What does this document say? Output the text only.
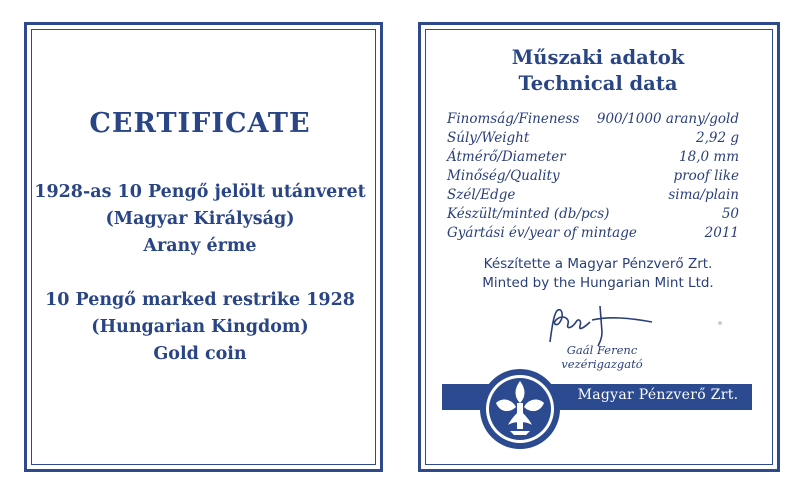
CERTIFICATE
1928-as 10 Pengő jelölt utánveret
(Magyar Királyság)
Arany érme
10 Pengő marked restrike 1928
(Hungarian Kingdom)
Gold coin
Műszaki adatok
Technical data
Finomság/Fineness 900/1000 arany/gold
Súly/Weight	2,92 g
Átmérő/Diameter	18,0 mm
Minőség/Quality	proof like
Szél/Edge	sima/plain
Készült/minted (db/pcs)	50
Gyártási év/year of mintage	2011
Készítette a Magyar Pénzverő Zrt.
Minted by the Hungarian Mint Ltd.
Gaál Ferenc
vezérigazgató
Magyar Pénzverő Zrt.
